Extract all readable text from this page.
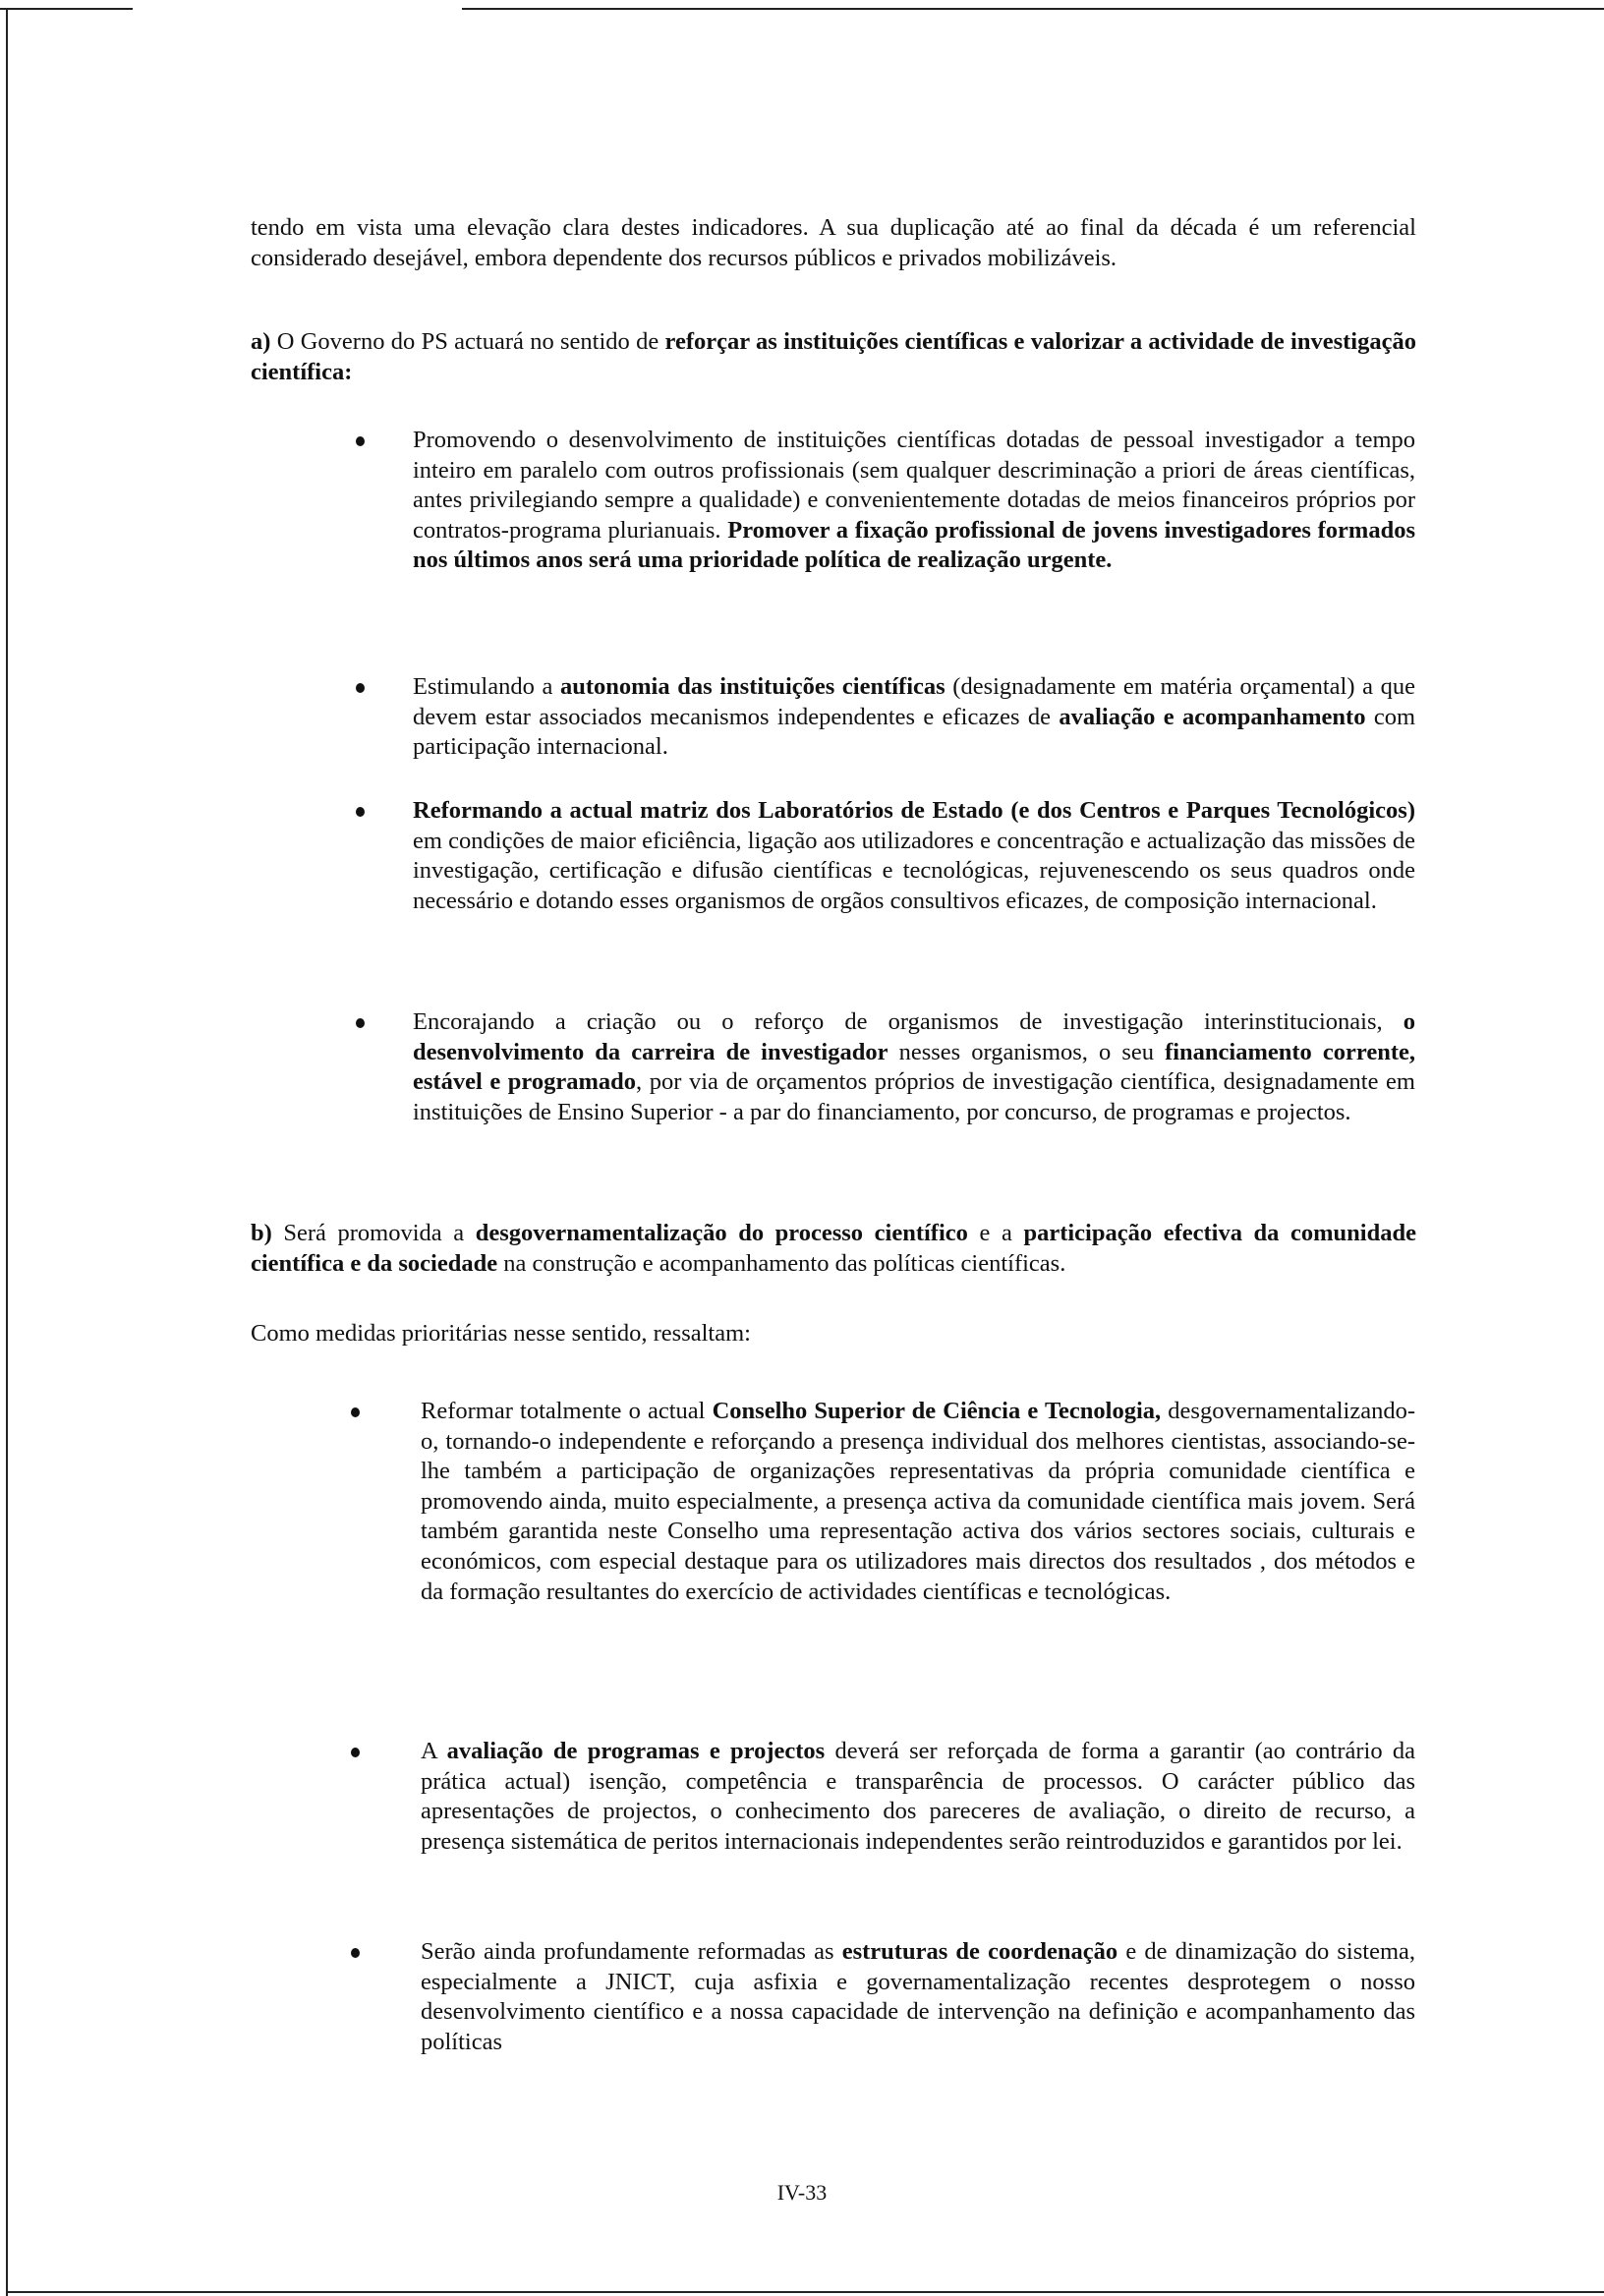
tendo em vista uma elevação clara destes indicadores. A sua duplicação até ao final da década é um referencial considerado desejável, embora dependente dos recursos públicos e privados mobilizáveis.
a) O Governo do PS actuará no sentido de reforçar as instituições científicas e valorizar a actividade de investigação científica:
Promovendo o desenvolvimento de instituições científicas dotadas de pessoal investigador a tempo inteiro em paralelo com outros profissionais (sem qualquer descriminação a priori de áreas científicas, antes privilegiando sempre a qualidade) e convenientemente dotadas de meios financeiros próprios por contratos-programa plurianuais. Promover a fixação profissional de jovens investigadores formados nos últimos anos será uma prioridade política de realização urgente.
Estimulando a autonomia das instituições científicas (designadamente em matéria orçamental) a que devem estar associados mecanismos independentes e eficazes de avaliação e acompanhamento com participação internacional.
Reformando a actual matriz dos Laboratórios de Estado (e dos Centros e Parques Tecnológicos) em condições de maior eficiência, ligação aos utilizadores e concentração e actualização das missões de investigação, certificação e difusão científicas e tecnológicas, rejuvenescendo os seus quadros onde necessário e dotando esses organismos de orgãos consultivos eficazes, de composição internacional.
Encorajando a criação ou o reforço de organismos de investigação interinstitucionais, o desenvolvimento da carreira de investigador nesses organismos, o seu financiamento corrente, estável e programado, por via de orçamentos próprios de investigação científica, designadamente em instituições de Ensino Superior - a par do financiamento, por concurso, de programas e projectos.
b) Será promovida a desgovernamentalização do processo científico e a participação efectiva da comunidade científica e da sociedade na construção e acompanhamento das políticas científicas.
Como medidas prioritárias nesse sentido, ressaltam:
Reformar totalmente o actual Conselho Superior de Ciência e Tecnologia, desgovernamentalizando-o, tornando-o independente e reforçando a presença individual dos melhores cientistas, associando-se-lhe também a participação de organizações representativas da própria comunidade científica e promovendo ainda, muito especialmente, a presença activa da comunidade científica mais jovem. Será também garantida neste Conselho uma representação activa dos vários sectores sociais, culturais e económicos, com especial destaque para os utilizadores mais directos dos resultados , dos métodos e da formação resultantes do exercício de actividades científicas e tecnológicas.
A avaliação de programas e projectos deverá ser reforçada de forma a garantir (ao contrário da prática actual) isenção, competência e transparência de processos. O carácter público das apresentações de projectos, o conhecimento dos pareceres de avaliação, o direito de recurso, a presença sistemática de peritos internacionais independentes serão reintroduzidos e garantidos por lei.
Serão ainda profundamente reformadas as estruturas de coordenação e de dinamização do sistema, especialmente a JNICT, cuja asfixia e governamentalização recentes desprotegem o nosso desenvolvimento científico e a nossa capacidade de intervenção na definição e acompanhamento das políticas
IV-33
